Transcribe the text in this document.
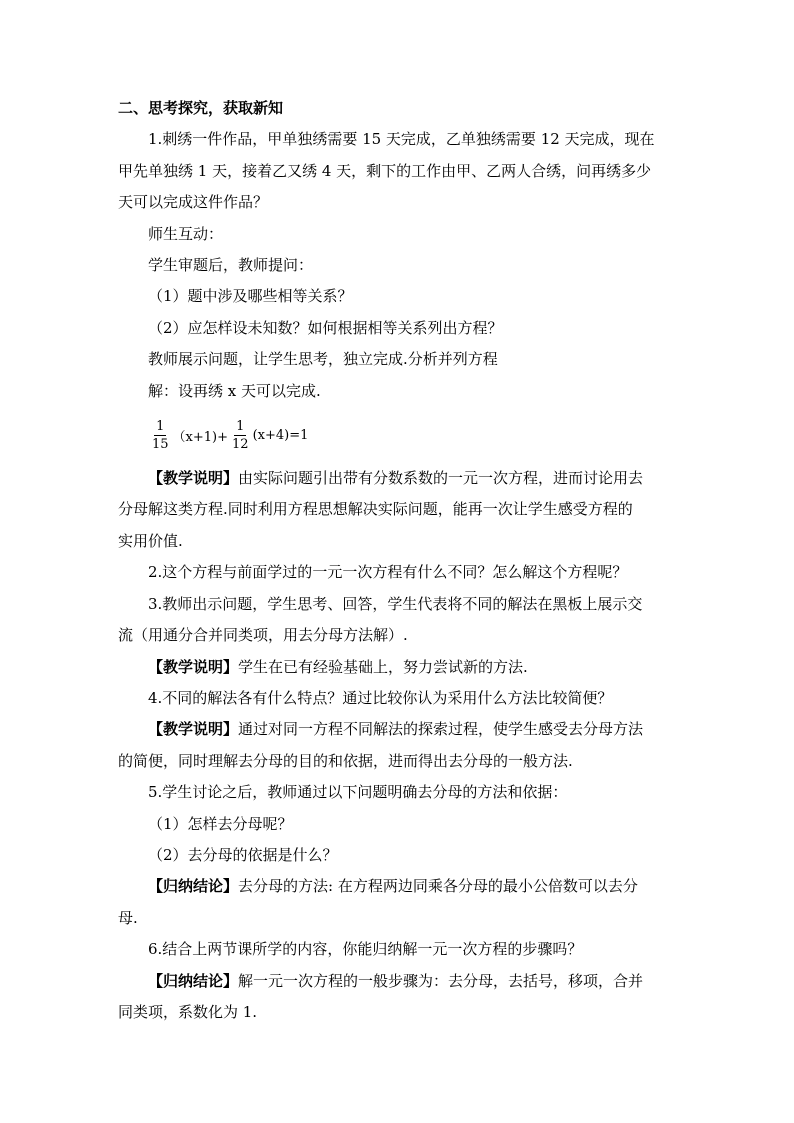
二、思考探究，获取新知
1.刺绣一件作品，甲单独绣需要 15 天完成，乙单独绣需要 12 天完成，现在
甲先单独绣 1 天，接着乙又绣 4 天，剩下的工作由甲、乙两人合绣，问再绣多少
天可以完成这件作品？
师生互动：
学生审题后，教师提问：
（1）题中涉及哪些相等关系？
（2）应怎样设未知数？如何根据相等关系列出方程？
教师展示问题，让学生思考，独立完成.分析并列方程
解：设再绣 x 天可以完成.
$\frac{1}{15} (x+1)+ \frac{1}{12} (x+4)=1$
【教学说明】由实际问题引出带有分数系数的一元一次方程，进而讨论用去
分母解这类方程.同时利用方程思想解决实际问题，能再一次让学生感受方程的
实用价值.
2.这个方程与前面学过的一元一次方程有什么不同？怎么解这个方程呢？
3.教师出示问题，学生思考、回答，学生代表将不同的解法在黑板上展示交
流（用通分合并同类项，用去分母方法解）.
【教学说明】学生在已有经验基础上，努力尝试新的方法.
4.不同的解法各有什么特点？通过比较你认为采用什么方法比较简便？
【教学说明】通过对同一方程不同解法的探索过程，使学生感受去分母方法
的简便，同时理解去分母的目的和依据，进而得出去分母的一般方法.
5.学生讨论之后，教师通过以下问题明确去分母的方法和依据：
（1）怎样去分母呢？
（2）去分母的依据是什么？
【归纳结论】去分母的方法: 在方程两边同乘各分母的最小公倍数可以去分
母.
6.结合上两节课所学的内容，你能归纳解一元一次方程的步骤吗？
【归纳结论】解一元一次方程的一般步骤为：去分母，去括号，移项，合并
同类项，系数化为 1.
